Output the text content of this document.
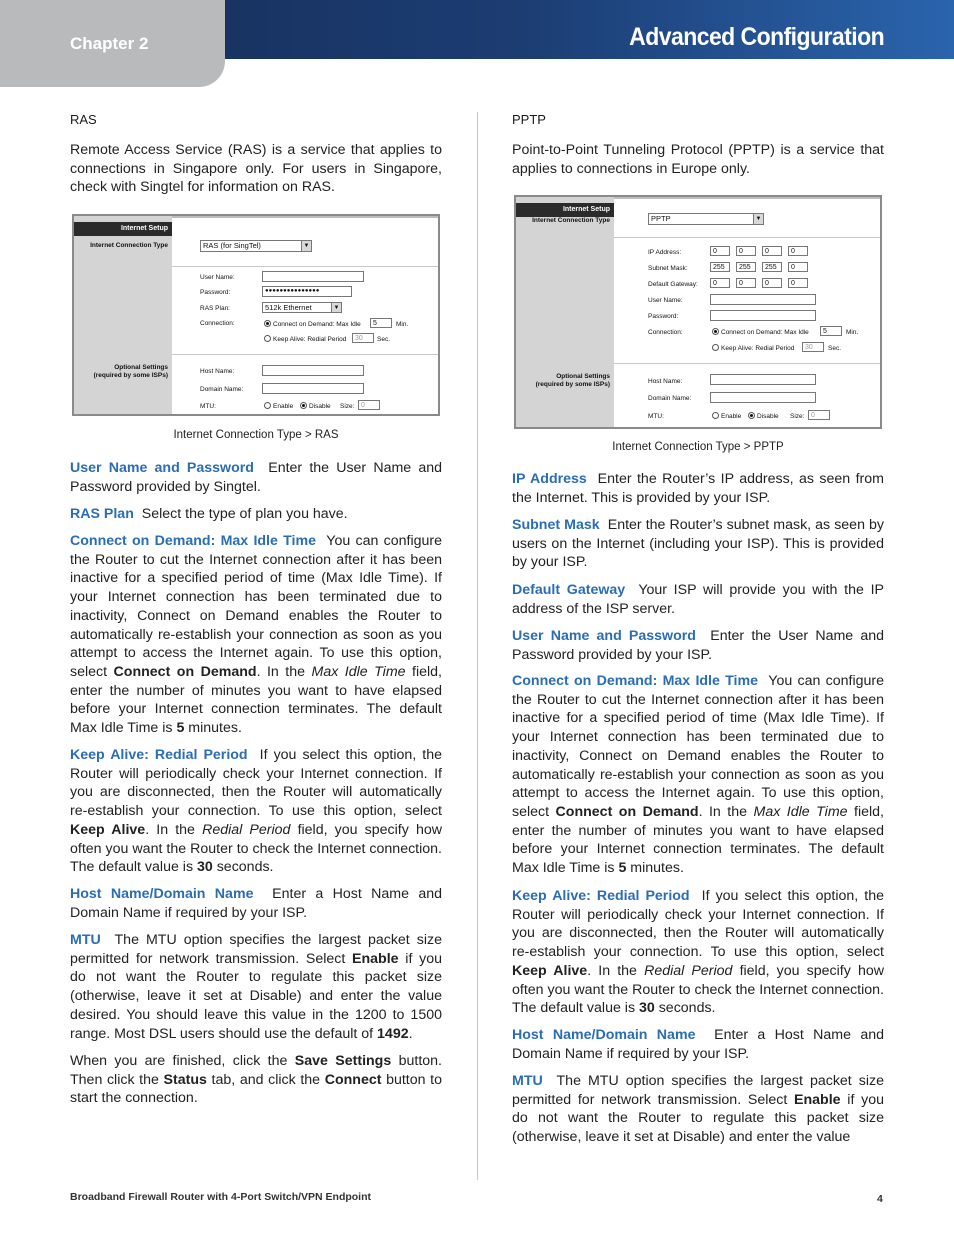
Chapter 2	Advanced Configuration
RAS
Remote Access Service (RAS) is a service that applies to connections in Singapore only. For users in Singapore, check with Singtel for information on RAS.
Internet Setup
Internet Connection Type
Optional Settings
(required by some ISPs)
RAS (for SingTel)	▼
User Name:
Password:	●●●●●●●●●●●●●●●
RAS Plan:	512k Ethernet	▼
Connection:	Connect on Demand: Max Idle	5	Min.
Keep Alive: Redial Period	30	Sec.
Host Name:
Domain Name:
MTU:	Enable Disable Size: 0
Internet Connection Type > RAS
User Name and Password Enter the User Name and Password provided by Singtel.
RAS Plan Select the type of plan you have.
Connect on Demand: Max Idle Time You can configure the Router to cut the Internet connection after it has been inactive for a specified period of time (Max Idle Time). If your Internet connection has been terminated due to inactivity, Connect on Demand enables the Router to automatically re-establish your connection as soon as you attempt to access the Internet again. To use this option, select Connect on Demand. In the Max Idle Time field, enter the number of minutes you want to have elapsed before your Internet connection terminates. The default Max Idle Time is 5 minutes.
Keep Alive: Redial Period If you select this option, the Router will periodically check your Internet connection. If you are disconnected, then the Router will automatically re-establish your connection. To use this option, select Keep Alive. In the Redial Period field, you specify how often you want the Router to check the Internet connection. The default value is 30 seconds.
Host Name/Domain Name Enter a Host Name and Domain Name if required by your ISP.
MTU The MTU option specifies the largest packet size permitted for network transmission. Select Enable if you do not want the Router to regulate this packet size (otherwise, leave it set at Disable) and enter the value desired. You should leave this value in the 1200 to 1500 range. Most DSL users should use the default of 1492.
When you are finished, click the Save Settings button. Then click the Status tab, and click the Connect button to start the connection.
PPTP
Point-to-Point Tunneling Protocol (PPTP) is a service that applies to connections in Europe only.
Internet Setup
Internet Connection Type
Optional Settings
(required by some ISPs)
PPTP	▼
IP Address:	0	0	0	0
Subnet Mask:	255	255	255	0
Default Gateway:	0	0	0	0
User Name:
Password:
Connection:	Connect on Demand: Max Idle	5	Min.
Keep Alive: Redial Period	30	Sec.
Host Name:
Domain Name:
MTU:	Enable Disable Size: 0
Internet Connection Type > PPTP
IP Address Enter the Router’s IP address, as seen from the Internet. This is provided by your ISP.
Subnet Mask Enter the Router’s subnet mask, as seen by users on the Internet (including your ISP). This is provided by your ISP.
Default Gateway Your ISP will provide you with the IP address of the ISP server.
User Name and Password Enter the User Name and Password provided by your ISP.
Connect on Demand: Max Idle Time You can configure the Router to cut the Internet connection after it has been inactive for a specified period of time (Max Idle Time). If your Internet connection has been terminated due to inactivity, Connect on Demand enables the Router to automatically re-establish your connection as soon as you attempt to access the Internet again. To use this option, select Connect on Demand. In the Max Idle Time field, enter the number of minutes you want to have elapsed before your Internet connection terminates. The default Max Idle Time is 5 minutes.
Keep Alive: Redial Period If you select this option, the Router will periodically check your Internet connection. If you are disconnected, then the Router will automatically re-establish your connection. To use this option, select Keep Alive. In the Redial Period field, you specify how often you want the Router to check the Internet connection. The default value is 30 seconds.
Host Name/Domain Name Enter a Host Name and Domain Name if required by your ISP.
MTU The MTU option specifies the largest packet size permitted for network transmission. Select Enable if you do not want the Router to regulate this packet size (otherwise, leave it set at Disable) and enter the value
Broadband Firewall Router with 4-Port Switch/VPN Endpoint	4
